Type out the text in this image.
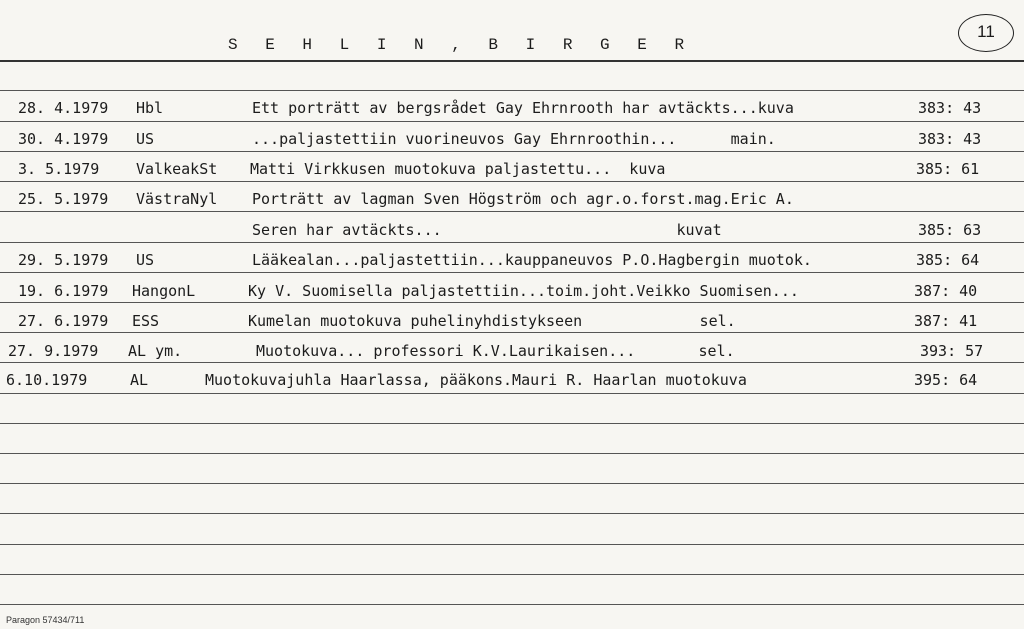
S E H L I N , B I R G E R
11
28. 4.1979 Hbl	Ett porträtt av bergsrådet Gay Ehrnrooth har avtäckts...kuva	383: 43
30. 4.1979 US	...paljastettiin vuorineuvos Gay Ehrnroothin...      main.	383: 43
3. 5.1979 ValkeakSt Matti Virkkusen muotokuva paljastettu...  kuva	385: 61
25. 5.1979 VästraNyl Porträtt av lagman Sven Högström och agr.o.forst.mag.Eric A.
Seren har avtäckts...                          kuvat	385: 63
29. 5.1979 US	Lääkealan...paljastettiin...kauppaneuvos P.O.Hagbergin muotok.	385: 64
19. 6.1979 HangonL	Ky V. Suomisella paljastettiin...toim.joht.Veikko Suomisen...	387: 40
27. 6.1979 ESS	Kumelan muotokuva puhelinyhdistykseen             sel.	387: 41
27. 9.1979 AL ym.	Muotokuva... professori K.V.Laurikaisen...       sel.	393: 57
6.10.1979	AL	Muotokuvajuhla Haarlassa, pääkons.Mauri R. Haarlan muotokuva	395: 64
Paragon 57434/711
